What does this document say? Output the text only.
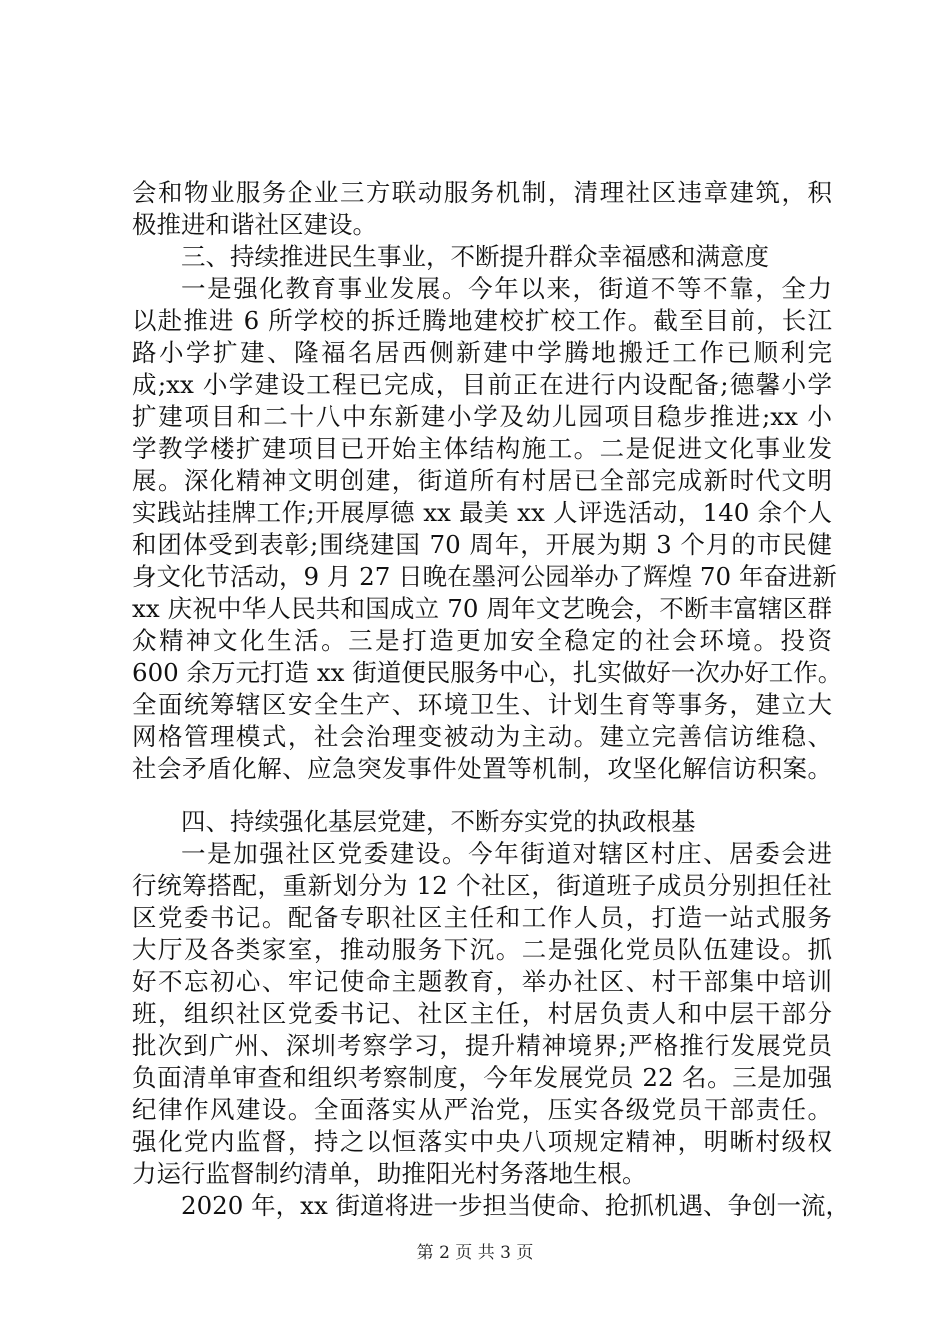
会和物业服务企业三方联动服务机制，清理社区违章建筑，积
极推进和谐社区建设。
三、持续推进民生事业，不断提升群众幸福感和满意度
一是强化教育事业发展。今年以来，街道不等不靠，全力
以赴推进 6 所学校的拆迁腾地建校扩校工作。截至目前，长江
路小学扩建、隆福名居西侧新建中学腾地搬迁工作已顺利完
成;xx 小学建设工程已完成，目前正在进行内设配备;德馨小学
扩建项目和二十八中东新建小学及幼儿园项目稳步推进;xx 小
学教学楼扩建项目已开始主体结构施工。二是促进文化事业发
展。深化精神文明创建，街道所有村居已全部完成新时代文明
实践站挂牌工作;开展厚德 xx 最美 xx 人评选活动，140 余个人
和团体受到表彰;围绕建国 70 周年，开展为期 3 个月的市民健
身文化节活动，9 月 27 日晚在墨河公园举办了辉煌 70 年奋进新
xx 庆祝中华人民共和国成立 70 周年文艺晚会，不断丰富辖区群
众精神文化生活。三是打造更加安全稳定的社会环境。投资
600 余万元打造 xx 街道便民服务中心，扎实做好一次办好工作。
全面统筹辖区安全生产、环境卫生、计划生育等事务，建立大
网格管理模式，社会治理变被动为主动。建立完善信访维稳、
社会矛盾化解、应急突发事件处置等机制，攻坚化解信访积案。
四、持续强化基层党建，不断夯实党的执政根基
一是加强社区党委建设。今年街道对辖区村庄、居委会进
行统筹搭配，重新划分为 12 个社区，街道班子成员分别担任社
区党委书记。配备专职社区主任和工作人员，打造一站式服务
大厅及各类家室，推动服务下沉。二是强化党员队伍建设。抓
好不忘初心、牢记使命主题教育，举办社区、村干部集中培训
班，组织社区党委书记、社区主任，村居负责人和中层干部分
批次到广州、深圳考察学习，提升精神境界;严格推行发展党员
负面清单审查和组织考察制度，今年发展党员 22 名。三是加强
纪律作风建设。全面落实从严治党，压实各级党员干部责任。
强化党内监督，持之以恒落实中央八项规定精神，明晰村级权
力运行监督制约清单，助推阳光村务落地生根。
2020 年，xx 街道将进一步担当使命、抢抓机遇、争创一流，
第 2 页 共 3 页
